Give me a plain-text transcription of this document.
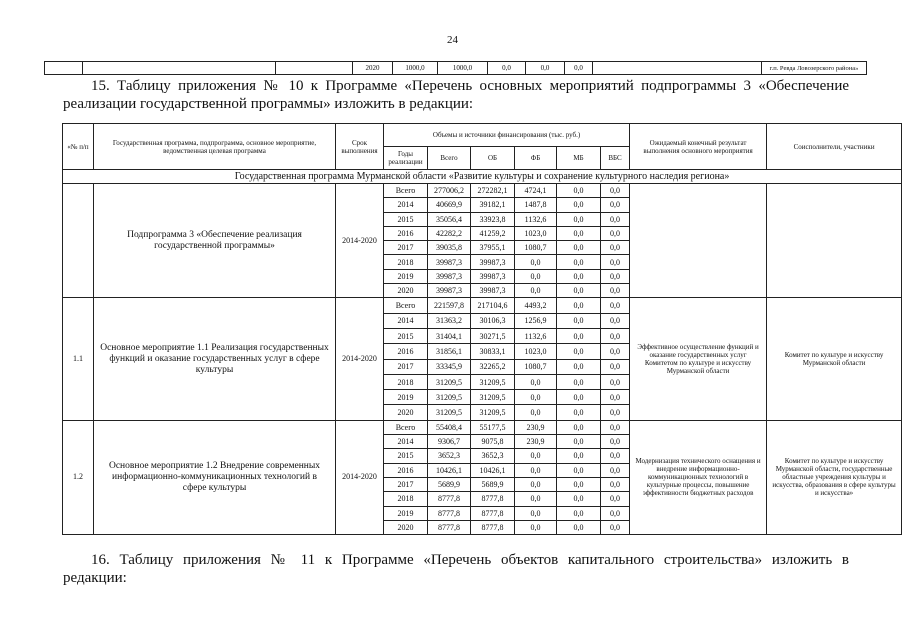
24
			2020	1000,0	1000,0	0,0	0,0	0,0		г.п. Ревда Ловозерского района»
15. Таблицу приложения № 10 к Программе «Перечень основных мероприятий подпрограммы 3 «Обеспечение
реализации государственной программы» изложить в редакции:
«№ п/п	Государственная программа, подпрограмма, основное мероприятие, ведомственная целевая программа	Срок выполнения	Объемы и источники финансирования (тыс. руб.)						Ожидаемый конечный результат выполнения основного мероприятия	Соисполнители, участники
			Годы реализации	Всего	ОБ	ФБ	МБ	ВБС		
Государственная программа Мурманской области «Развитие культуры и сохранение культурного наследия региона»										
	Подпрограмма 3 «Обеспечение реализация государственной программы»	2014-2020	Всего	277006,2	272282,1	4724,1	0,0	0,0		
			2014	40669,9	39182,1	1487,8	0,0	0,0		
			2015	35056,4	33923,8	1132,6	0,0	0,0		
			2016	42282,2	41259,2	1023,0	0,0	0,0		
			2017	39035,8	37955,1	1080,7	0,0	0,0		
			2018	39987,3	39987,3	0,0	0,0	0,0		
			2019	39987,3	39987,3	0,0	0,0	0,0		
			2020	39987,3	39987,3	0,0	0,0	0,0		
1.1	Основное мероприятие 1.1 Реализация государственных функций и оказание государственных услуг в сфере культуры	2014-2020	Всего	221597,8	217104,6	4493,2	0,0	0,0	Эффективное осуществление функций и оказание государственных услуг Комитетом по культуре и искусству Мурманской области	Комитет по культуре и искусству Мурманской области
			2014	31363,2	30106,3	1256,9	0,0	0,0		
			2015	31404,1	30271,5	1132,6	0,0	0,0		
			2016	31856,1	30833,1	1023,0	0,0	0,0		
			2017	33345,9	32265,2	1080,7	0,0	0,0		
			2018	31209,5	31209,5	0,0	0,0	0,0		
			2019	31209,5	31209,5	0,0	0,0	0,0		
			2020	31209,5	31209,5	0,0	0,0	0,0		
1.2	Основное мероприятие 1.2 Внедрение современных информационно-коммуникационных технологий в сфере культуры	2014-2020	Всего	55408,4	55177,5	230,9	0,0	0,0	Модернизация технического оснащения и внедрение информационно-коммуникационных технологий в культурные процессы, повышение эффективности бюджетных расходов	Комитет по культуре и искусству Мурманской области, государственные областные учреждения культуры и искусства, образования в сфере культуры и искусства»
			2014	9306,7	9075,8	230,9	0,0	0,0		
			2015	3652,3	3652,3	0,0	0,0	0,0		
			2016	10426,1	10426,1	0,0	0,0	0,0		
			2017	5689,9	5689,9	0,0	0,0	0,0		
			2018	8777,8	8777,8	0,0	0,0	0,0		
			2019	8777,8	8777,8	0,0	0,0	0,0		
			2020	8777,8	8777,8	0,0	0,0	0,0		
16. Таблицу приложения № 11 к Программе «Перечень объектов капитального строительства» изложить в
редакции:
